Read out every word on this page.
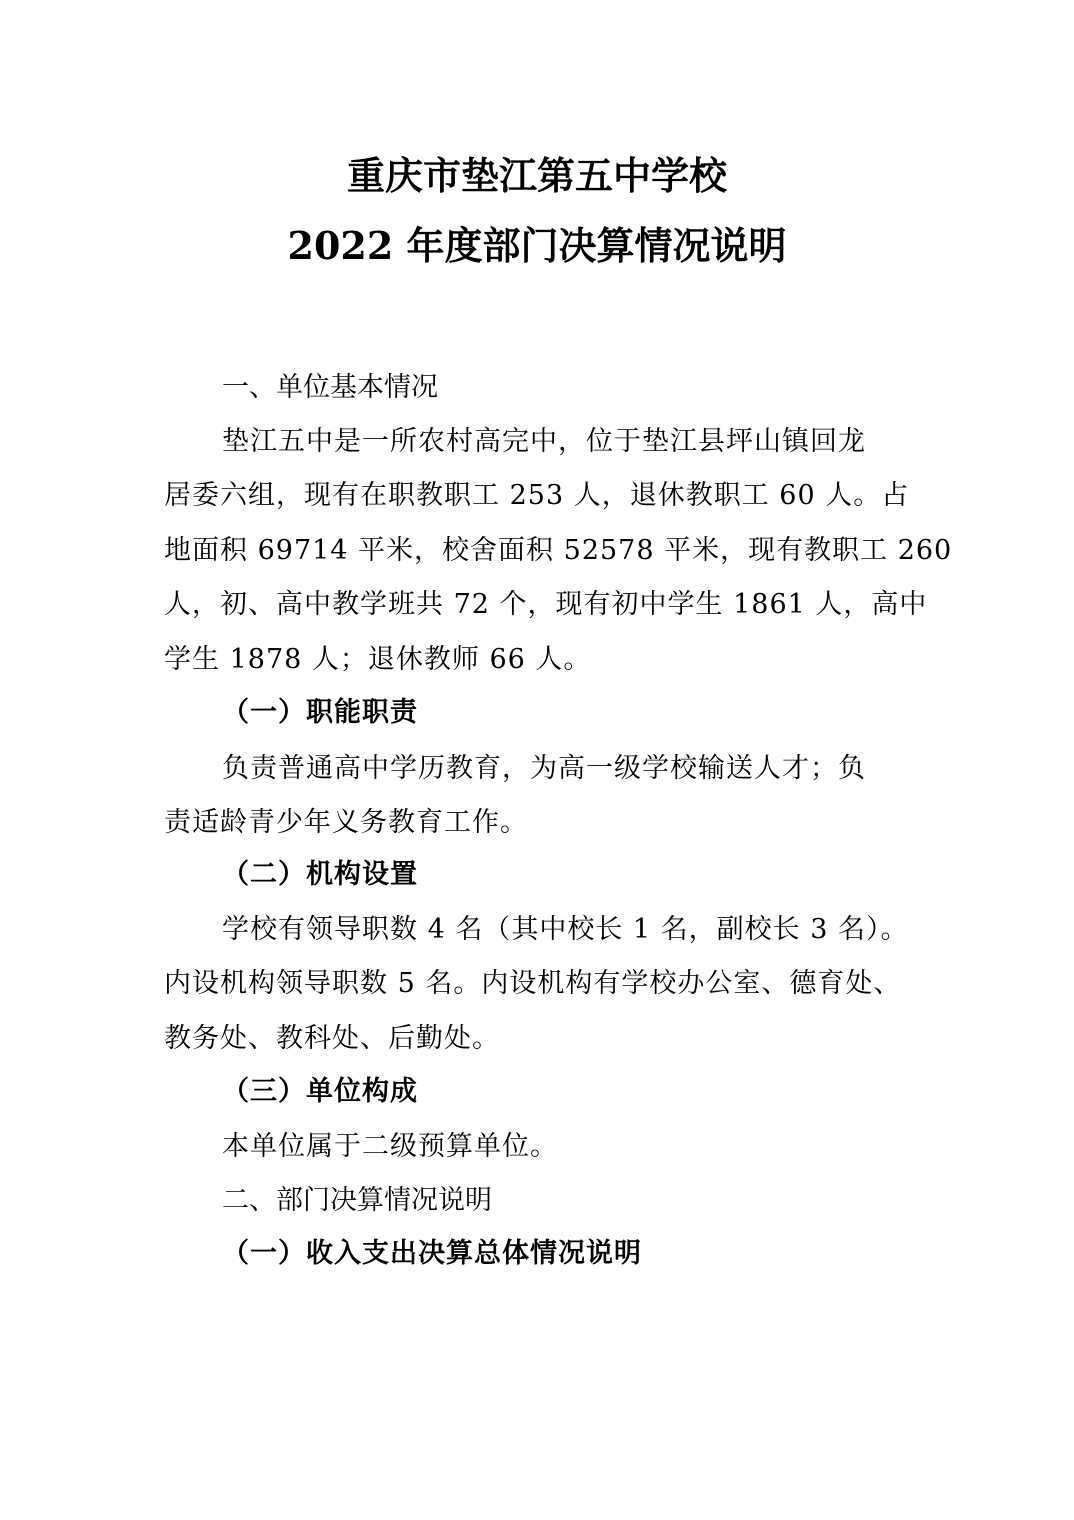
重庆市垫江第五中学校
2022 年度部门决算情况说明
一、单位基本情况
垫江五中是一所农村高完中，位于垫江县坪山镇回龙
居委六组，现有在职教职工 253 人，退休教职工 60 人。占
地面积 69714 平米，校舍面积 52578 平米，现有教职工 260
人，初、高中教学班共 72 个，现有初中学生 1861 人，高中
学生 1878 人；退休教师 66 人。
（一）职能职责
负责普通高中学历教育，为高一级学校输送人才；负
责适龄青少年义务教育工作。
（二）机构设置
学校有领导职数 4 名（其中校长 1 名，副校长 3 名）。
内设机构领导职数 5 名。内设机构有学校办公室、德育处、
教务处、教科处、后勤处。
（三）单位构成
本单位属于二级预算单位。
二、部门决算情况说明
（一）收入支出决算总体情况说明
